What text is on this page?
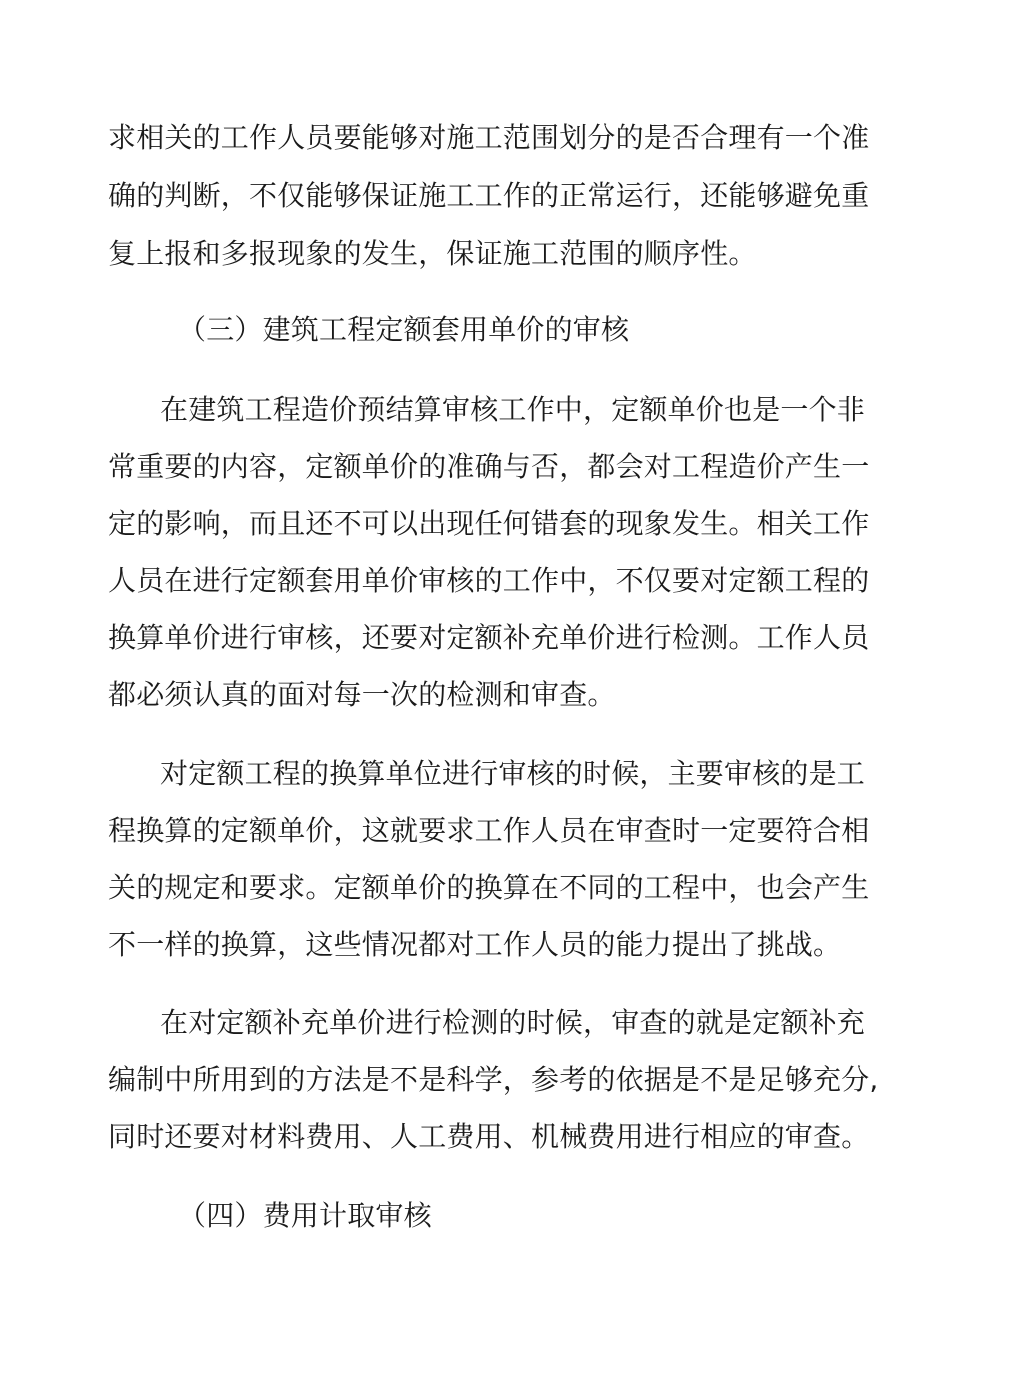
求相关的工作人员要能够对施工范围划分的是否合理有一个准
确的判断，不仅能够保证施工工作的正常运行，还能够避免重
复上报和多报现象的发生，保证施工范围的顺序性。
（三）建筑工程定额套用单价的审核
在建筑工程造价预结算审核工作中，定额单价也是一个非
常重要的内容，定额单价的准确与否，都会对工程造价产生一
定的影响，而且还不可以出现任何错套的现象发生。相关工作
人员在进行定额套用单价审核的工作中，不仅要对定额工程的
换算单价进行审核，还要对定额补充单价进行检测。工作人员
都必须认真的面对每一次的检测和审查。
对定额工程的换算单位进行审核的时候，主要审核的是工
程换算的定额单价，这就要求工作人员在审查时一定要符合相
关的规定和要求。定额单价的换算在不同的工程中，也会产生
不一样的换算，这些情况都对工作人员的能力提出了挑战。
在对定额补充单价进行检测的时候，审查的就是定额补充
编制中所用到的方法是不是科学，参考的依据是不是足够充分,
同时还要对材料费用、人工费用、机械费用进行相应的审查。
（四）费用计取审核
